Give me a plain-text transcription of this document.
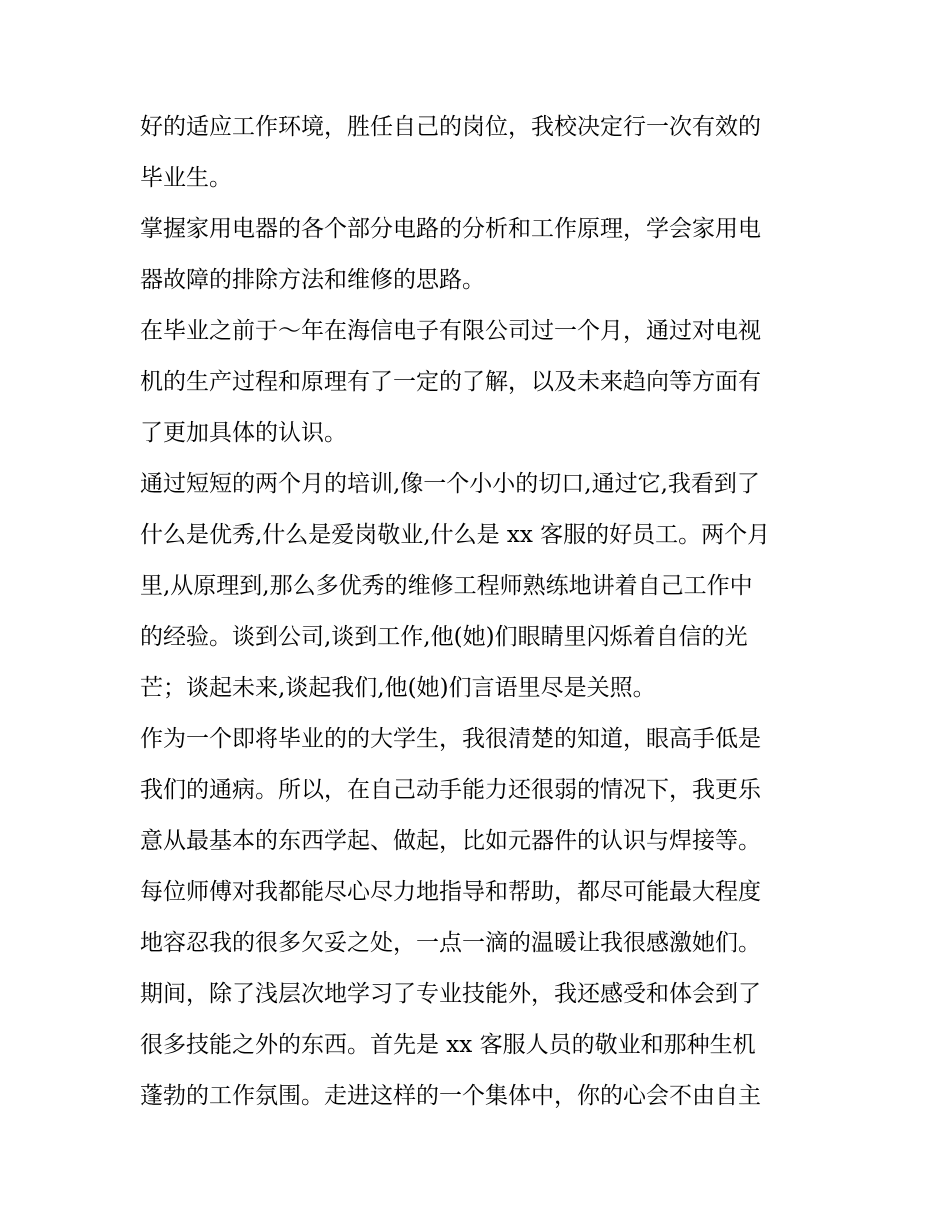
好的适应工作环境，胜任自己的岗位，我校决定行一次有效的
毕业生。
掌握家用电器的各个部分电路的分析和工作原理，学会家用电
器故障的排除方法和维修的思路。
在毕业之前于～年在海信电子有限公司过一个月，通过对电视
机的生产过程和原理有了一定的了解，以及未来趋向等方面有
了更加具体的认识。
通过短短的两个月的培训,像一个小小的切口,通过它,我看到了
什么是优秀,什么是爱岗敬业,什么是 xx 客服的好员工。两个月
里,从原理到,那么多优秀的维修工程师熟练地讲着自己工作中
的经验。谈到公司,谈到工作,他(她)们眼睛里闪烁着自信的光
芒；谈起未来,谈起我们,他(她)们言语里尽是关照。
作为一个即将毕业的的大学生，我很清楚的知道，眼高手低是
我们的通病。所以，在自己动手能力还很弱的情况下，我更乐
意从最基本的东西学起、做起，比如元器件的认识与焊接等。
每位师傅对我都能尽心尽力地指导和帮助，都尽可能最大程度
地容忍我的很多欠妥之处，一点一滴的温暖让我很感激她们。
期间，除了浅层次地学习了专业技能外，我还感受和体会到了
很多技能之外的东西。首先是 xx 客服人员的敬业和那种生机
蓬勃的工作氛围。走进这样的一个集体中，你的心会不由自主
